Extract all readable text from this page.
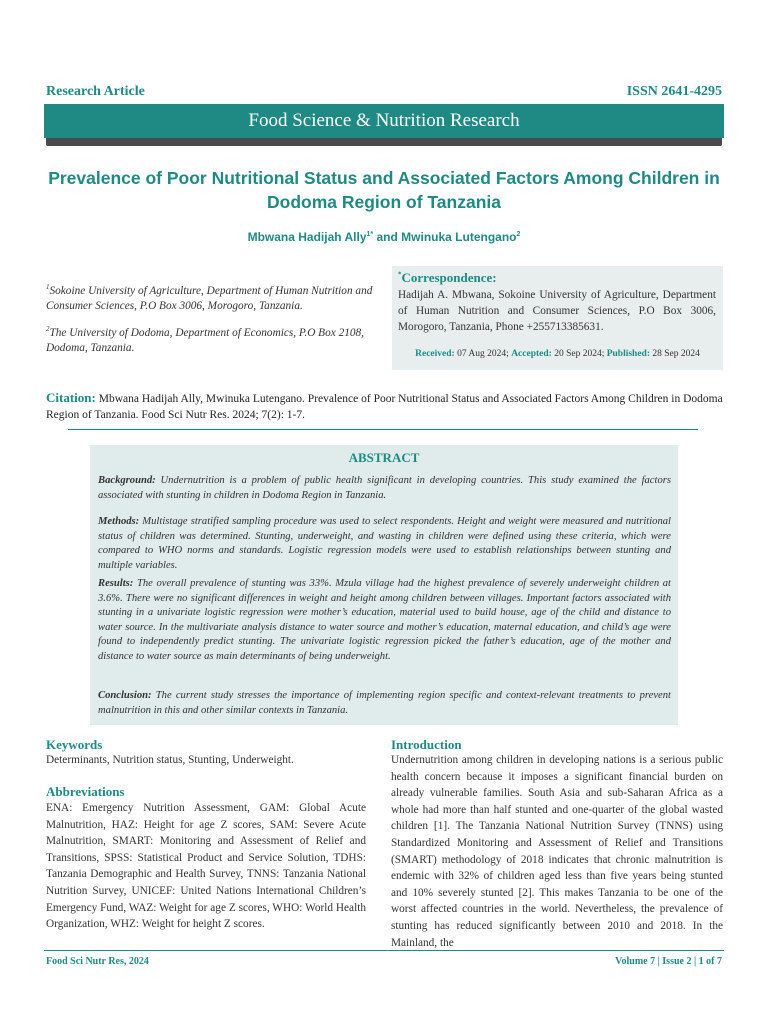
Research Article	ISSN 2641-4295
Food Science & Nutrition Research
Prevalence of Poor Nutritional Status and Associated Factors Among Children in Dodoma Region of Tanzania
Mbwana Hadijah Ally$^{1*}$ and Mwinuka Lutengano$^2$
$^1$Sokoine University of Agriculture, Department of Human Nutrition and Consumer Sciences, P.O Box 3006, Morogoro, Tanzania.
$^2$The University of Dodoma, Department of Economics, P.O Box 2108, Dodoma, Tanzania.
*Correspondence:
Hadijah A. Mbwana, Sokoine University of Agriculture, Department of Human Nutrition and Consumer Sciences, P.O Box 3006, Morogoro, Tanzania, Phone +255713385631.
Received: 07 Aug 2024; Accepted: 20 Sep 2024; Published: 28 Sep 2024
Citation: Mbwana Hadijah Ally, Mwinuka Lutengano. Prevalence of Poor Nutritional Status and Associated Factors Among Children in Dodoma Region of Tanzania. Food Sci Nutr Res. 2024; 7(2): 1-7.
ABSTRACT
Background: Undernutrition is a problem of public health significant in developing countries. This study examined the factors associated with stunting in children in Dodoma Region in Tanzania.
Methods: Multistage stratified sampling procedure was used to select respondents. Height and weight were measured and nutritional status of children was determined. Stunting, underweight, and wasting in children were defined using these criteria, which were compared to WHO norms and standards. Logistic regression models were used to establish relationships between stunting and multiple variables.
Results: The overall prevalence of stunting was 33%. Mzula village had the highest prevalence of severely underweight children at 3.6%. There were no significant differences in weight and height among children between villages. Important factors associated with stunting in a univariate logistic regression were mother’s education, material used to build house, age of the child and distance to water source. In the multivariate analysis distance to water source and mother’s education, maternal education, and child’s age were found to independently predict stunting. The univariate logistic regression picked the father’s education, age of the mother and distance to water source as main determinants of being underweight.
Conclusion: The current study stresses the importance of implementing region specific and context-relevant treatments to prevent malnutrition in this and other similar contexts in Tanzania.
Keywords
Determinants, Nutrition status, Stunting, Underweight.
Abbreviations
ENA: Emergency Nutrition Assessment, GAM: Global Acute Malnutrition, HAZ: Height for age Z scores, SAM: Severe Acute Malnutrition, SMART: Monitoring and Assessment of Relief and Transitions, SPSS: Statistical Product and Service Solution, TDHS: Tanzania Demographic and Health Survey, TNNS: Tanzania National Nutrition Survey, UNICEF: United Nations International Children’s Emergency Fund, WAZ: Weight for age Z scores, WHO: World Health Organization, WHZ: Weight for height Z scores.
Introduction
Undernutrition among children in developing nations is a serious public health concern because it imposes a significant financial burden on already vulnerable families. South Asia and sub-Saharan Africa as a whole had more than half stunted and one-quarter of the global wasted children [1]. The Tanzania National Nutrition Survey (TNNS) using Standardized Monitoring and Assessment of Relief and Transitions (SMART) methodology of 2018 indicates that chronic malnutrition is endemic with 32% of children aged less than five years being stunted and 10% severely stunted [2]. This makes Tanzania to be one of the worst affected countries in the world. Nevertheless, the prevalence of stunting has reduced significantly between 2010 and 2018. In the Mainland, the
Food Sci Nutr Res, 2024	Volume 7 | Issue 2 | 1 of 7
